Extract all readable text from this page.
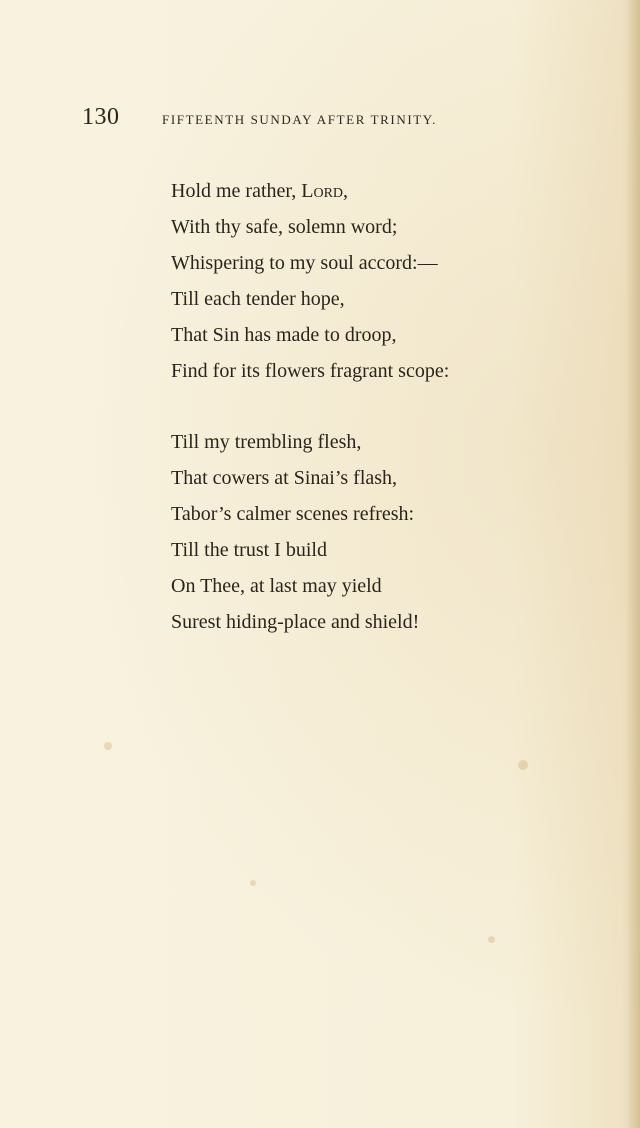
130	FIFTEENTH SUNDAY AFTER TRINITY.
Hold me rather, Lord,
With thy safe, solemn word;
Whispering to my soul accord:—
Till each tender hope,
That Sin has made to droop,
Find for its flowers fragrant scope:
Till my trembling flesh,
That cowers at Sinai’s flash,
Tabor’s calmer scenes refresh:
Till the trust I build
On Thee, at last may yield
Surest hiding-place and shield!
